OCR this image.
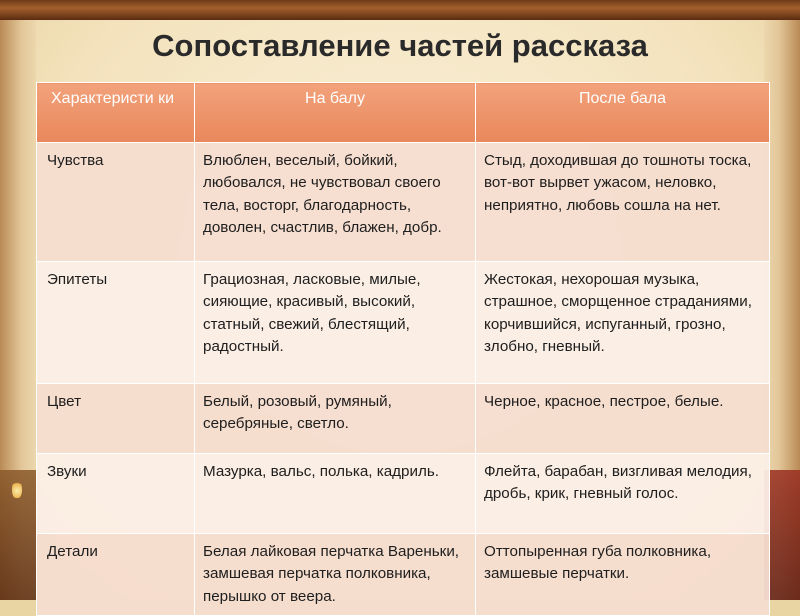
Сопоставление частей рассказа
Характеристи ки	На балу	После бала
Чувства	Влюблен, веселый, бойкий, любовался, не чувствовал своего тела, восторг, благодарность, доволен, счастлив, блажен, добр.	Стыд, доходившая до тошноты тоска, вот-вот вырвет ужасом, неловко, неприятно, любовь сошла на нет.
Эпитеты	Грациозная, ласковые, милые, сияющие, красивый, высокий, статный, свежий, блестящий, радостный.	Жестокая, нехорошая музыка, страшное, сморщенное страданиями, корчившийся, испуганный, грозно, злобно, гневный.
Цвет	Белый, розовый, румяный, серебряные, светло.	Черное, красное, пестрое, белые.
Звуки	Мазурка, вальс, полька, кадриль.	Флейта, барабан, визгливая мелодия, дробь, крик, гневный голос.
Детали	Белая лайковая перчатка Вареньки, замшевая перчатка полковника, перышко от веера.	Оттопыренная губа полковника, замшевые перчатки.
